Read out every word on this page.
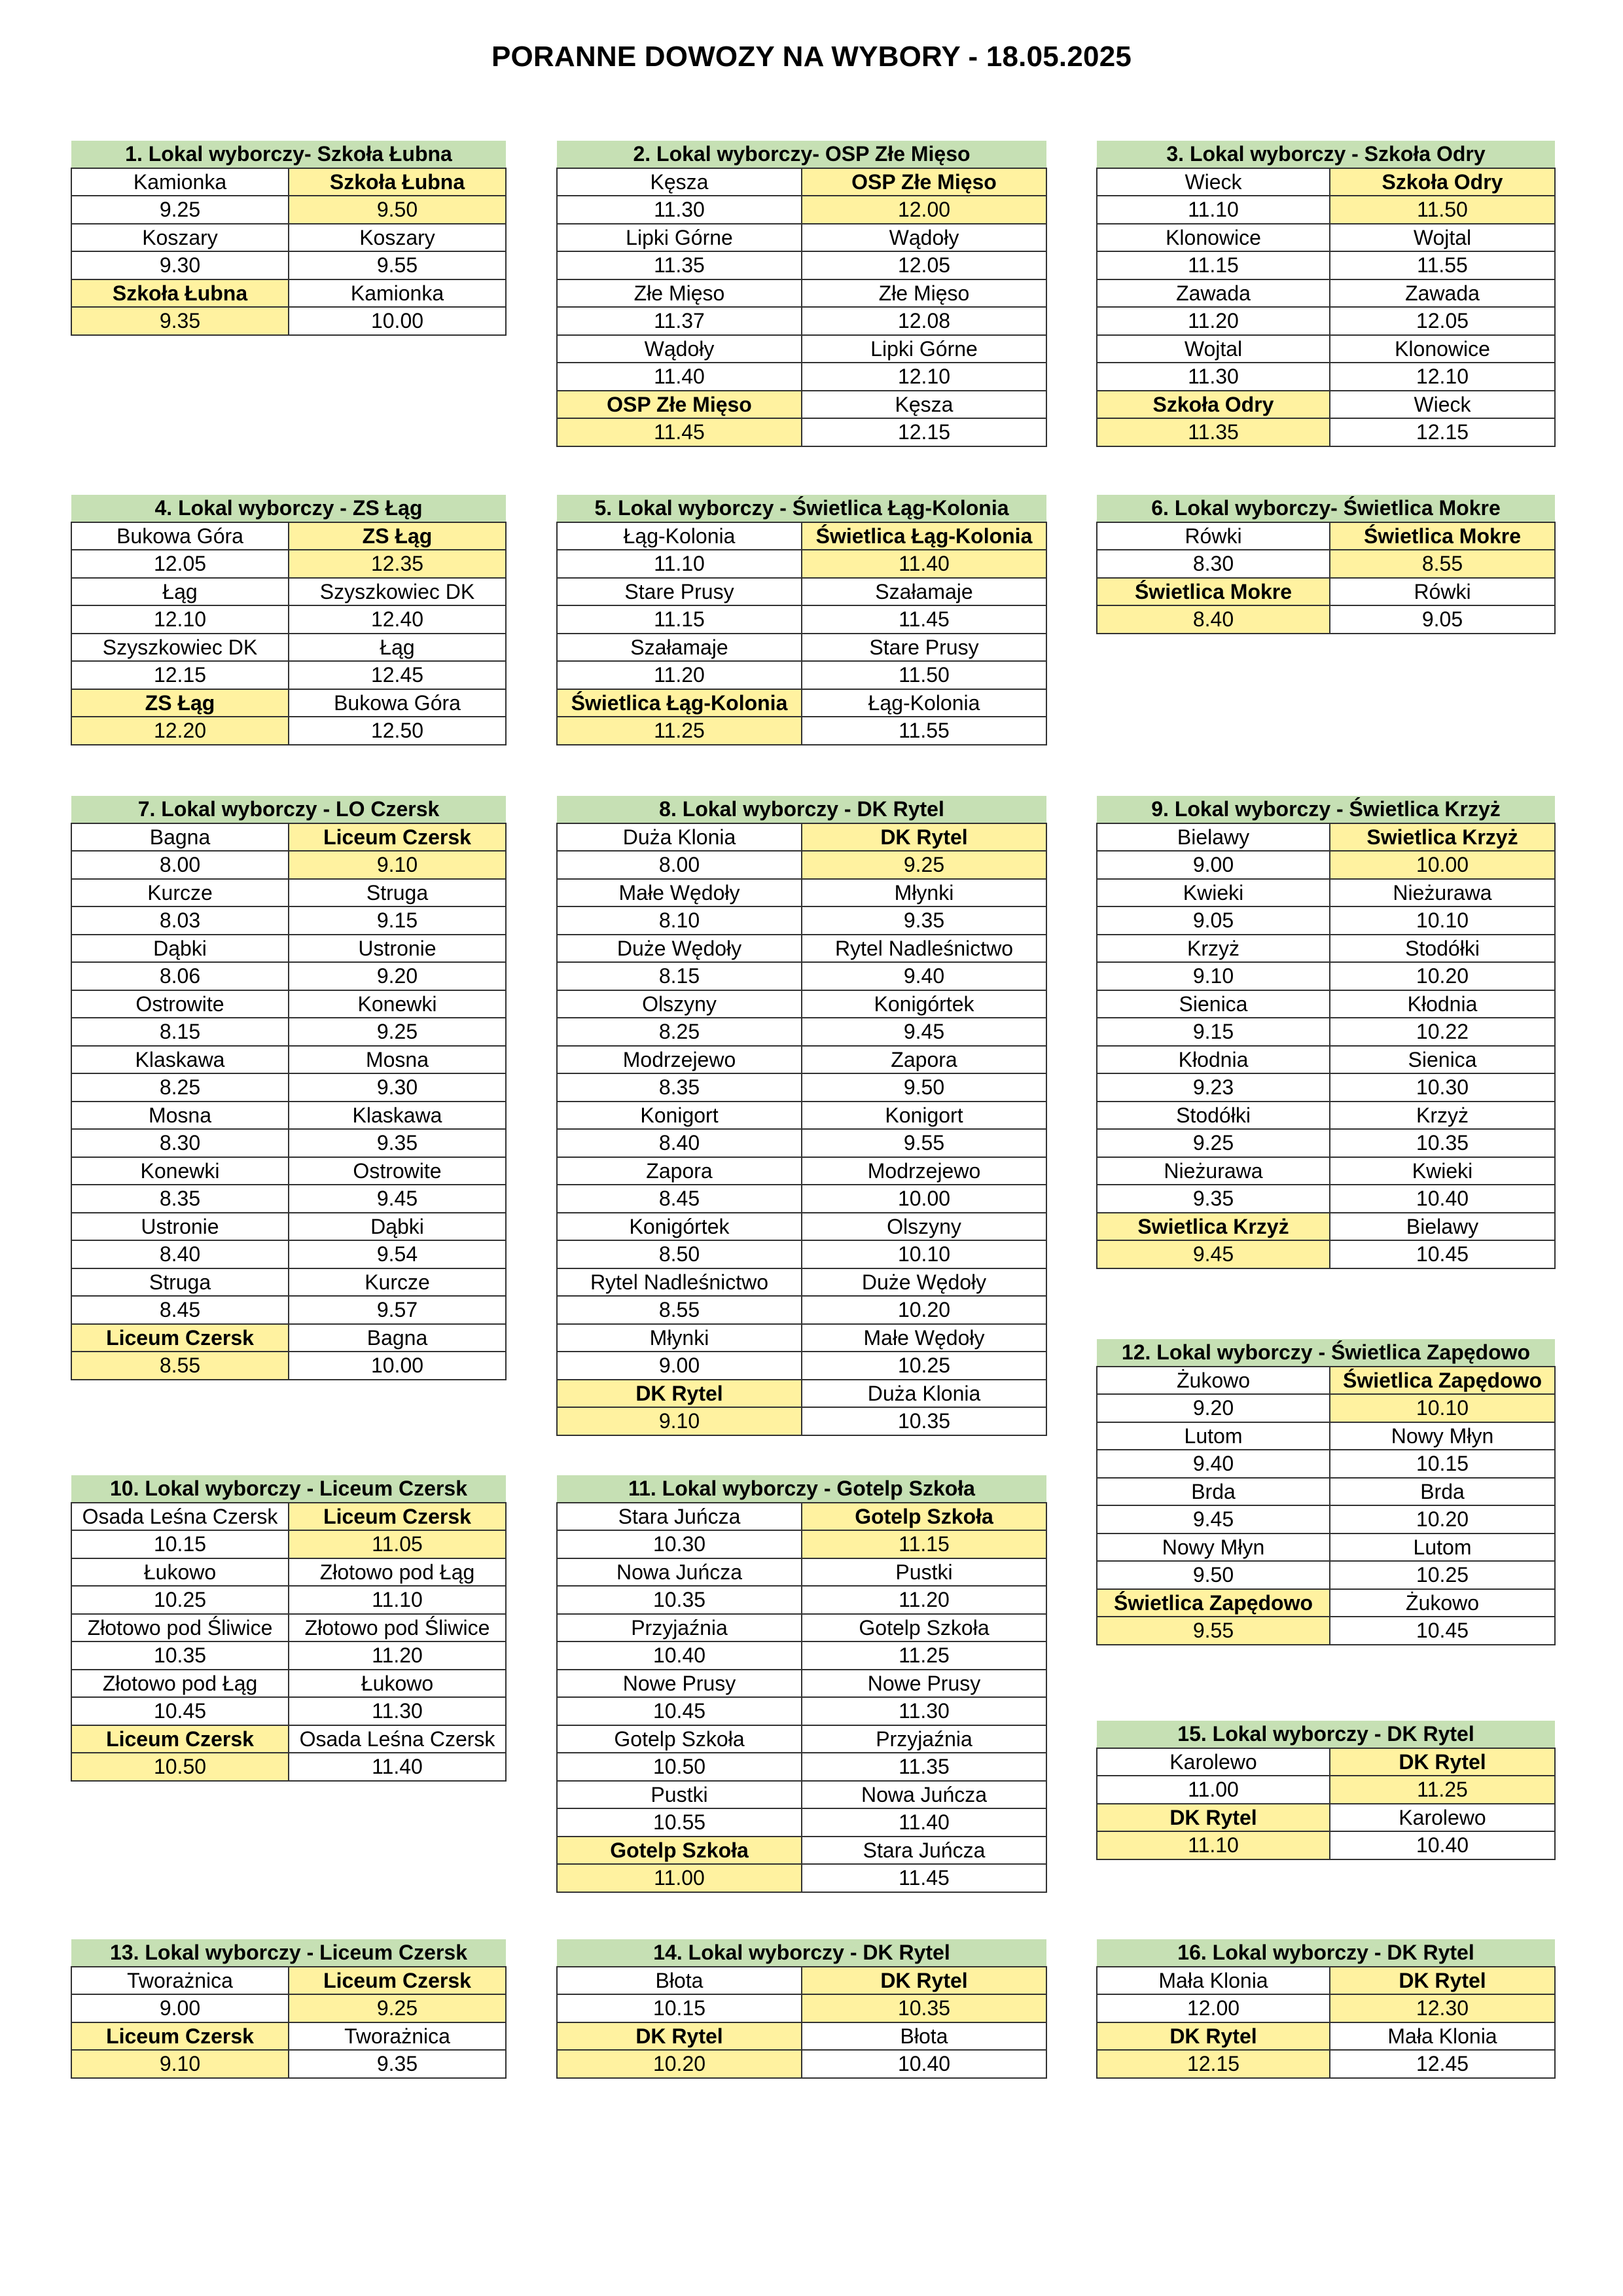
PORANNE DOWOZY NA WYBORY - 18.05.2025
1. Lokal wyborczy- Szkoła Łubna	
Kamionka	Szkoła Łubna
9.25	9.50
Koszary	Koszary
9.30	9.55
Szkoła Łubna	Kamionka
9.35	10.00
2. Lokal wyborczy- OSP Złe Mięso	
Kęsza	OSP Złe Mięso
11.30	12.00
Lipki Górne	Wądoły
11.35	12.05
Złe Mięso	Złe Mięso
11.37	12.08
Wądoły	Lipki Górne
11.40	12.10
OSP Złe Mięso	Kęsza
11.45	12.15
3. Lokal wyborczy - Szkoła Odry	
Wieck	Szkoła Odry
11.10	11.50
Klonowice	Wojtal
11.15	11.55
Zawada	Zawada
11.20	12.05
Wojtal	Klonowice
11.30	12.10
Szkoła Odry	Wieck
11.35	12.15
4. Lokal wyborczy - ZS Łąg	
Bukowa Góra	ZS Łąg
12.05	12.35
Łąg	Szyszkowiec DK
12.10	12.40
Szyszkowiec DK	Łąg
12.15	12.45
ZS Łąg	Bukowa Góra
12.20	12.50
5. Lokal wyborczy - Świetlica Łąg-Kolonia	
Łąg-Kolonia	Świetlica Łąg-Kolonia
11.10	11.40
Stare Prusy	Szałamaje
11.15	11.45
Szałamaje	Stare Prusy
11.20	11.50
Świetlica Łąg-Kolonia	Łąg-Kolonia
11.25	11.55
6. Lokal wyborczy- Świetlica Mokre	
Rówki	Świetlica Mokre
8.30	8.55
Świetlica Mokre	Rówki
8.40	9.05
7. Lokal wyborczy - LO Czersk	
Bagna	Liceum Czersk
8.00	9.10
Kurcze	Struga
8.03	9.15
Dąbki	Ustronie
8.06	9.20
Ostrowite	Konewki
8.15	9.25
Klaskawa	Mosna
8.25	9.30
Mosna	Klaskawa
8.30	9.35
Konewki	Ostrowite
8.35	9.45
Ustronie	Dąbki
8.40	9.54
Struga	Kurcze
8.45	9.57
Liceum Czersk	Bagna
8.55	10.00
8. Lokal wyborczy - DK Rytel	
Duża Klonia	DK Rytel
8.00	9.25
Małe Wędoły	Młynki
8.10	9.35
Duże Wędoły	Rytel Nadleśnictwo
8.15	9.40
Olszyny	Konigórtek
8.25	9.45
Modrzejewo	Zapora
8.35	9.50
Konigort	Konigort
8.40	9.55
Zapora	Modrzejewo
8.45	10.00
Konigórtek	Olszyny
8.50	10.10
Rytel Nadleśnictwo	Duże Wędoły
8.55	10.20
Młynki	Małe Wędoły
9.00	10.25
DK Rytel	Duża Klonia
9.10	10.35
9. Lokal wyborczy - Świetlica Krzyż	
Bielawy	Swietlica Krzyż
9.00	10.00
Kwieki	Nieżurawa
9.05	10.10
Krzyż	Stodółki
9.10	10.20
Sienica	Kłodnia
9.15	10.22
Kłodnia	Sienica
9.23	10.30
Stodółki	Krzyż
9.25	10.35
Nieżurawa	Kwieki
9.35	10.40
Swietlica Krzyż	Bielawy
9.45	10.45
10. Lokal wyborczy - Liceum Czersk	
Osada Leśna Czersk	Liceum Czersk
10.15	11.05
Łukowo	Złotowo pod Łąg
10.25	11.10
Złotowo pod Śliwice	Złotowo pod Śliwice
10.35	11.20
Złotowo pod Łąg	Łukowo
10.45	11.30
Liceum Czersk	Osada Leśna Czersk
10.50	11.40
11. Lokal wyborczy - Gotelp Szkoła	
Stara Juńcza	Gotelp Szkoła
10.30	11.15
Nowa Juńcza	Pustki
10.35	11.20
Przyjaźnia	Gotelp Szkoła
10.40	11.25
Nowe Prusy	Nowe Prusy
10.45	11.30
Gotelp Szkoła	Przyjaźnia
10.50	11.35
Pustki	Nowa Juńcza
10.55	11.40
Gotelp Szkoła	Stara Juńcza
11.00	11.45
12. Lokal wyborczy - Świetlica Zapędowo	
Żukowo	Świetlica Zapędowo
9.20	10.10
Lutom	Nowy Młyn
9.40	10.15
Brda	Brda
9.45	10.20
Nowy Młyn	Lutom
9.50	10.25
Świetlica Zapędowo	Żukowo
9.55	10.45
13. Lokal wyborczy - Liceum Czersk	
Tworażnica	Liceum Czersk
9.00	9.25
Liceum Czersk	Tworażnica
9.10	9.35
14. Lokal wyborczy - DK Rytel	
Błota	DK Rytel
10.15	10.35
DK Rytel	Błota
10.20	10.40
15. Lokal wyborczy - DK Rytel	
Karolewo	DK Rytel
11.00	11.25
DK Rytel	Karolewo
11.10	10.40
16. Lokal wyborczy - DK Rytel	
Mała Klonia	DK Rytel
12.00	12.30
DK Rytel	Mała Klonia
12.15	12.45
